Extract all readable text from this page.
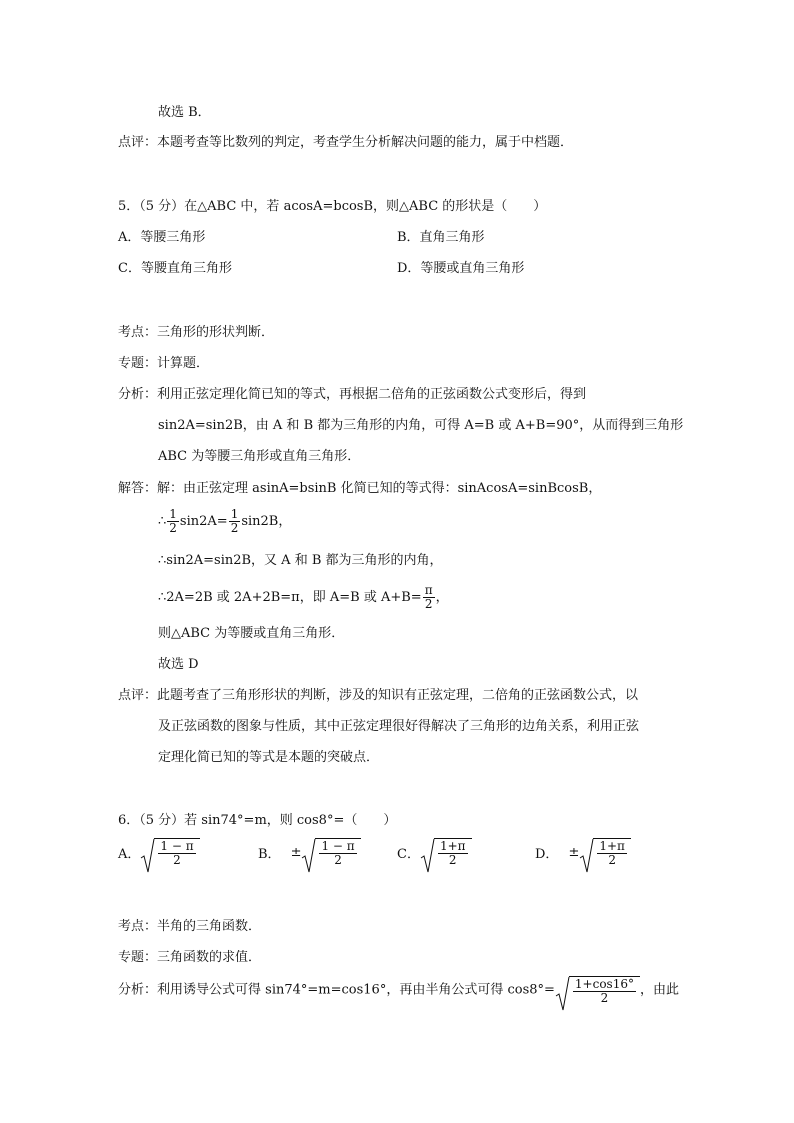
故选 B．
点评：本题考查等比数列的判定，考查学生分析解决问题的能力，属于中档题．
5．（5 分）在△ABC 中，若 acosA=bcosB，则△ABC 的形状是（　　）
A．等腰三角形	B．直角三角形
C．等腰直角三角形	D．等腰或直角三角形
考点：三角形的形状判断．
专题：计算题．
分析：利用正弦定理化简已知的等式，再根据二倍角的正弦函数公式变形后，得到
sin2A=sin2B，由 A 和 B 都为三角形的内角，可得 A=B 或 A+B=90°，从而得到三角形
ABC 为等腰三角形或直角三角形．
解答：解：由正弦定理 asinA=bsinB 化简已知的等式得：sinAcosA=sinBcosB，
∴ $\frac{1}{2} \sin 2A= \frac{1}{2} \sin 2B$，
∴sin2A=sin2B，又 A 和 B 都为三角形的内角，
∴2A=2B 或 2A+2B=π，即 A=B 或 $A+B= \frac{\pi}{2}$ ，
则△ABC 为等腰或直角三角形．
故选 D
点评：此题考查了三角形形状的判断，涉及的知识有正弦定理，二倍角的正弦函数公式，以
及正弦函数的图象与性质，其中正弦定理很好得解决了三角形的边角关系，利用正弦
定理化简已知的等式是本题的突破点．
6．（5 分）若 sin74°=m，则 cos8°=（　　）
A． $\frac{1 - \pi}{2}$	B． ± $\frac{1 - \pi}{2}$	C． $\frac{1+\pi}{2}$	D． ± $\frac{1+\pi}{2}$
考点：半角的三角函数．
专题：三角函数的求值．
分析：利用诱导公式可得 sin74°=m=cos16°，再由半角公式可得 $\cos 8^\circ= \frac{1+\cos 16^\circ}{2}$ ，由此
